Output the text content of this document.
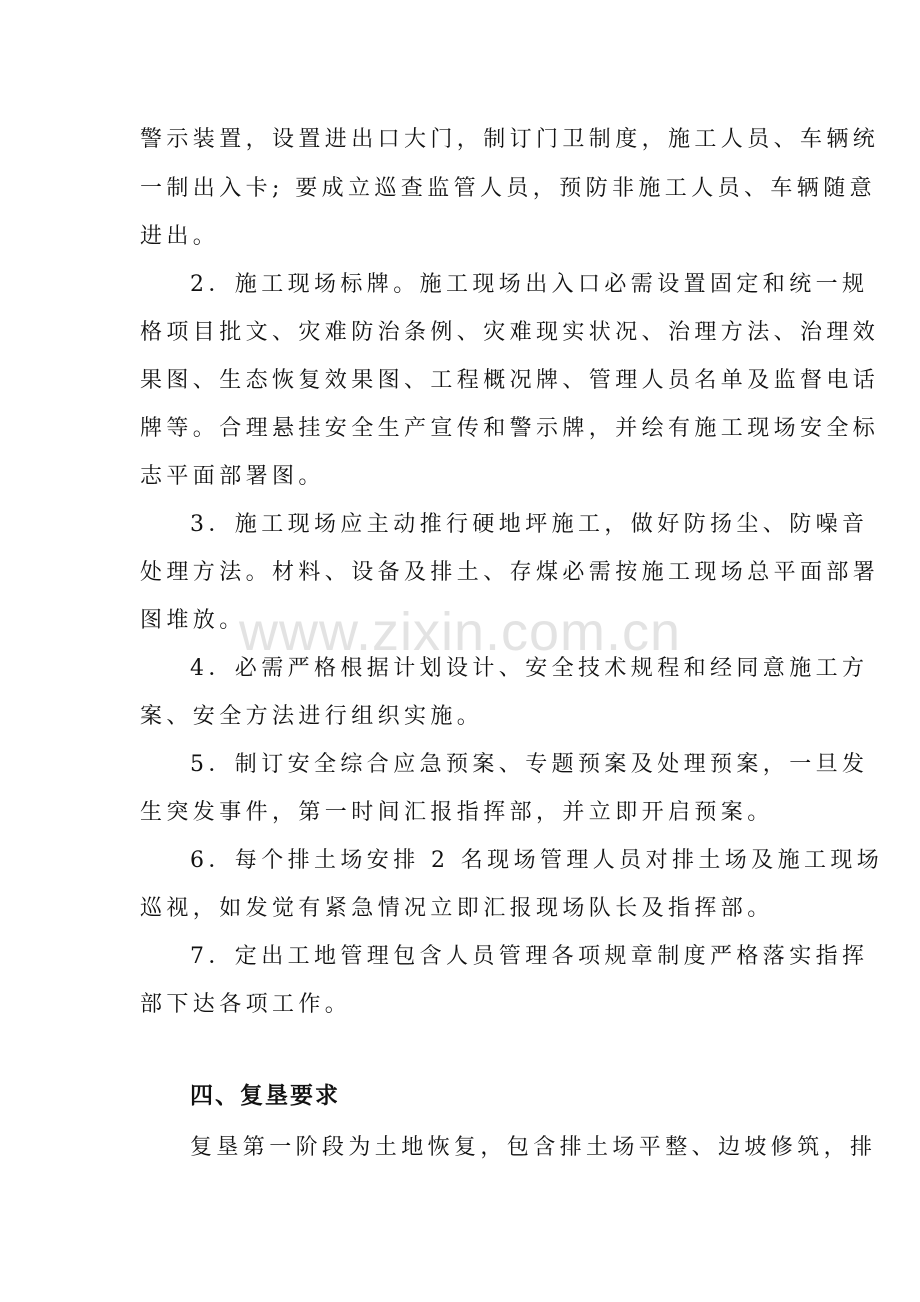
警示装置，设置进出口大门，制订门卫制度，施工人员、车辆统
一制出入卡; 要成立巡查监管人员，预防非施工人员、车辆随意
进出。
2．施工现场标牌。施工现场出入口必需设置固定和统一规
格项目批文、灾难防治条例、灾难现实状况、治理方法、治理效
果图、生态恢复效果图、工程概况牌、管理人员名单及监督电话
牌等。合理悬挂安全生产宣传和警示牌，并绘有施工现场安全标
志平面部署图。
3．施工现场应主动推行硬地坪施工，做好防扬尘、防噪音
处理方法。材料、设备及排土、存煤必需按施工现场总平面部署
图堆放。
4．必需严格根据计划设计、安全技术规程和经同意施工方
案、安全方法进行组织实施。
5．制订安全综合应急预案、专题预案及处理预案，一旦发
生突发事件，第一时间汇报指挥部，并立即开启预案。
6．每个排土场安排 2 名现场管理人员对排土场及施工现场
巡视，如发觉有紧急情况立即汇报现场队长及指挥部。
7．定出工地管理包含人员管理各项规章制度严格落实指挥
部下达各项工作。
四、复垦要求
复垦第一阶段为土地恢复，包含排土场平整、边坡修筑，排
www.zixin.com.cn
